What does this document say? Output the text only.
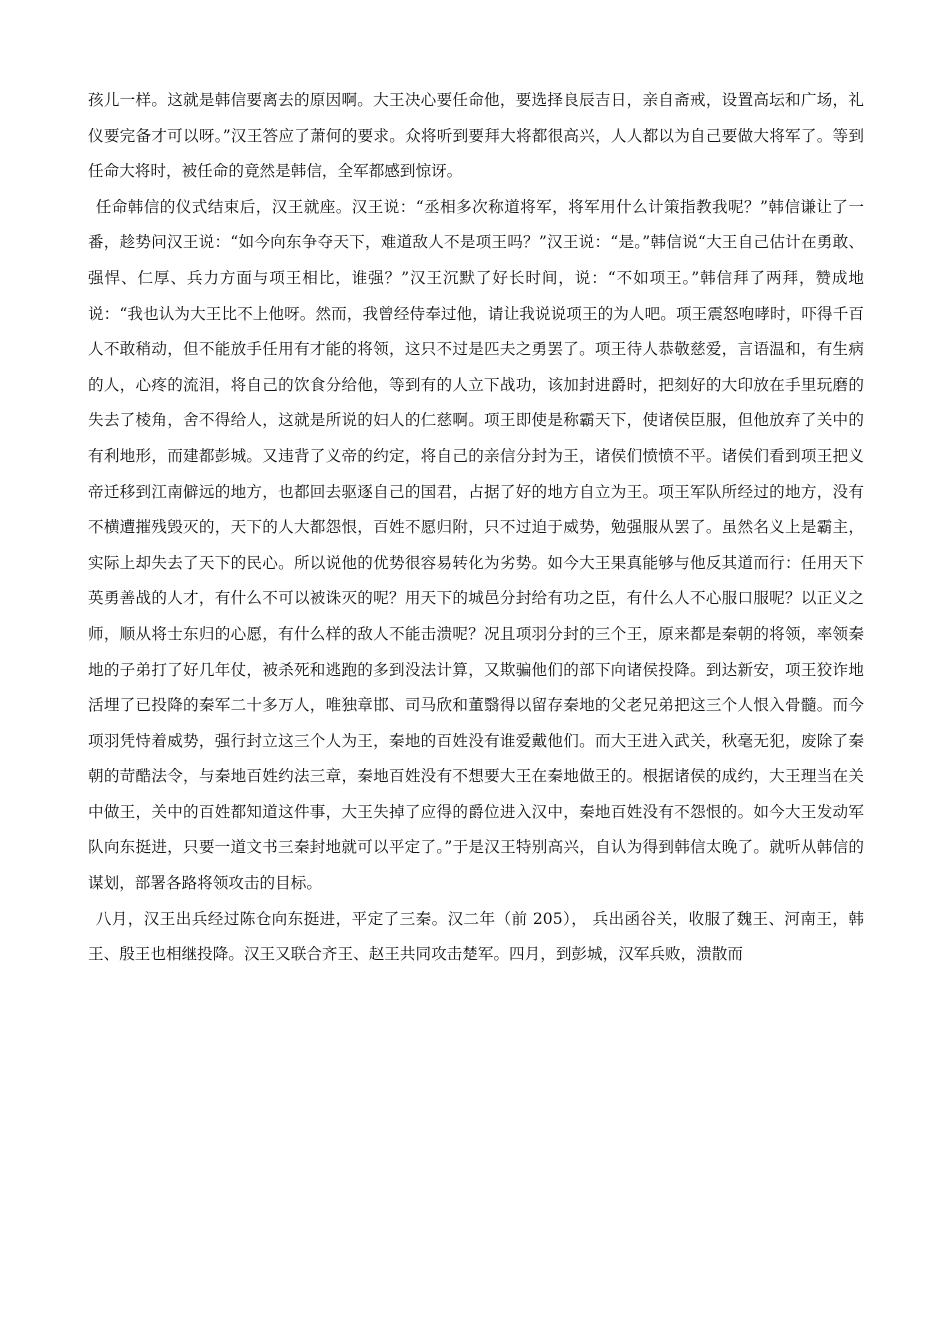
孩儿一样。这就是韩信要离去的原因啊。大王决心要任命他，要选择良辰吉日，亲自斋戒，设置高坛和广场，礼仪要完备才可以呀。”汉王答应了萧何的要求。众将听到要拜大将都很高兴，人人都以为自己要做大将军了。等到任命大将时，被任命的竟然是韩信，全军都感到惊讶。

任命韩信的仪式结束后，汉王就座。汉王说：“丞相多次称道将军，将军用什么计策指教我呢？”韩信谦让了一番，趁势问汉王说：“如今向东争夺天下，难道敌人不是项王吗？”汉王说：“是。”韩信说“大王自己估计在勇敢、强悍、仁厚、兵力方面与项王相比，谁强？”汉王沉默了好长时间，说：“不如项王。”韩信拜了两拜，赞成地说：“我也认为大王比不上他呀。然而，我曾经侍奉过他，请让我说说项王的为人吧。项王震怒咆哮时，吓得千百人不敢稍动，但不能放手任用有才能的将领，这只不过是匹夫之勇罢了。项王待人恭敬慈爱，言语温和，有生病的人，心疼的流泪，将自己的饮食分给他，等到有的人立下战功，该加封进爵时，把刻好的大印放在手里玩磨的失去了棱角，舍不得给人，这就是所说的妇人的仁慈啊。项王即使是称霸天下，使诸侯臣服，但他放弃了关中的有利地形，而建都彭城。又违背了义帝的约定，将自己的亲信分封为王，诸侯们愤愤不平。诸侯们看到项王把义帝迁移到江南僻远的地方，也都回去驱逐自己的国君，占据了好的地方自立为王。项王军队所经过的地方，没有不横遭摧残毁灭的，天下的人大都怨恨，百姓不愿归附，只不过迫于威势，勉强服从罢了。虽然名义上是霸主，实际上却失去了天下的民心。所以说他的优势很容易转化为劣势。如今大王果真能够与他反其道而行：任用天下英勇善战的人才，有什么不可以被诛灭的呢？用天下的城邑分封给有功之臣，有什么人不心服口服呢？以正义之师，顺从将士东归的心愿，有什么样的敌人不能击溃呢？况且项羽分封的三个王，原来都是秦朝的将领，率领秦地的子弟打了好几年仗，被杀死和逃跑的多到没法计算，又欺骗他们的部下向诸侯投降。到达新安，项王狡诈地活埋了已投降的秦军二十多万人，唯独章邯、司马欣和董翳得以留存秦地的父老兄弟把这三个人恨入骨髓。而今项羽凭恃着威势，强行封立这三个人为王，秦地的百姓没有谁爱戴他们。而大王进入武关，秋毫无犯，废除了秦朝的苛酷法令，与秦地百姓约法三章，秦地百姓没有不想要大王在秦地做王的。根据诸侯的成约，大王理当在关中做王，关中的百姓都知道这件事，大王失掉了应得的爵位进入汉中，秦地百姓没有不怨恨的。如今大王发动军队向东挺进，只要一道文书三秦封地就可以平定了。”于是汉王特别高兴，自认为得到韩信太晚了。就听从韩信的谋划，部署各路将领攻击的目标。

八月，汉王出兵经过陈仓向东挺进，平定了三秦。汉二年（前 205）， 兵出函谷关，收服了魏王、河南王，韩王、殷王也相继投降。汉王又联合齐王、赵王共同攻击楚军。四月，到彭城，汉军兵败，溃散而
